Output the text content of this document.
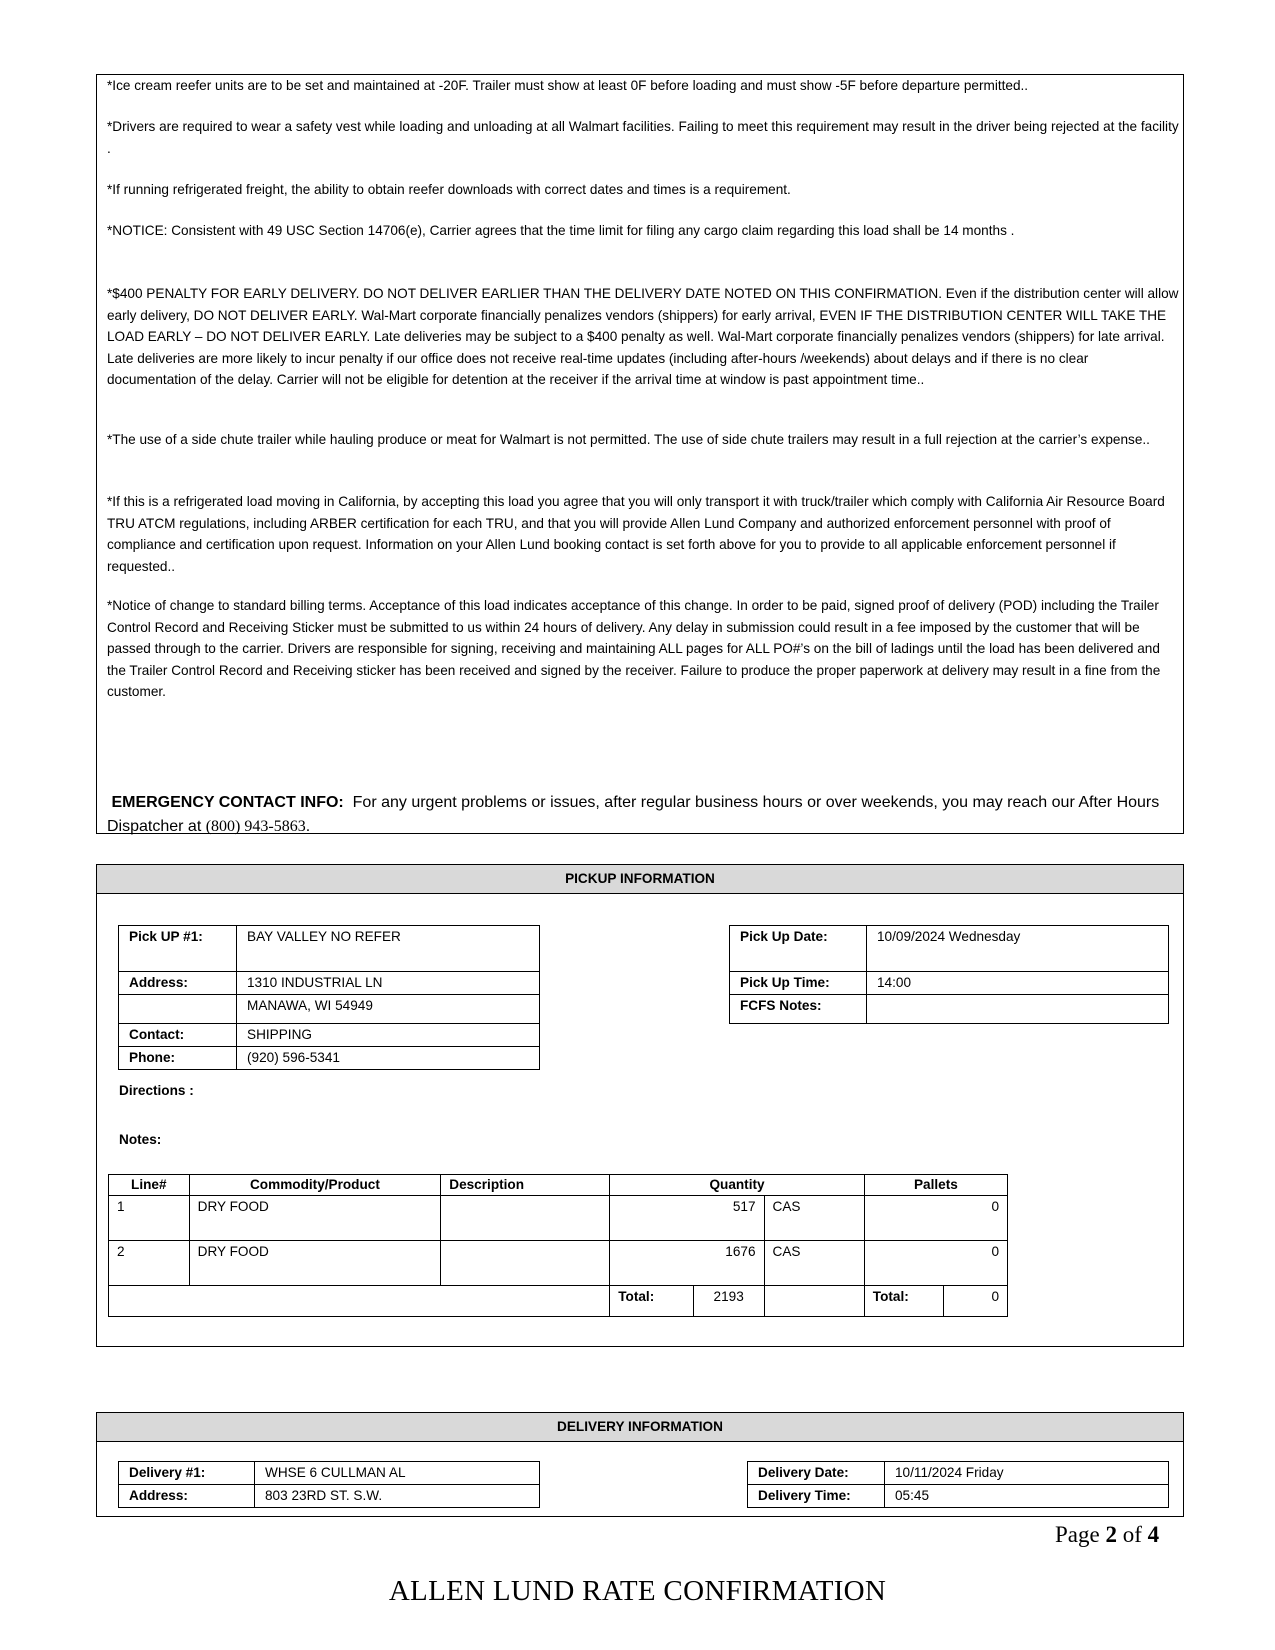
*Ice cream reefer units are to be set and maintained at -20F. Trailer must show at least 0F before loading and must show -5F before departure permitted..

*Drivers are required to wear a safety vest while loading and unloading at all Walmart facilities. Failing to meet this requirement may result in the driver being rejected at the facility .

*If running refrigerated freight, the ability to obtain reefer downloads with correct dates and times is a requirement.

*NOTICE: Consistent with 49 USC Section 14706(e), Carrier agrees that the time limit for filing any cargo claim regarding this load shall be 14 months .

*$400 PENALTY FOR EARLY DELIVERY. DO NOT DELIVER EARLIER THAN THE DELIVERY DATE NOTED ON THIS CONFIRMATION. Even if the distribution center will allow early delivery, DO NOT DELIVER EARLY. Wal-Mart corporate financially penalizes vendors (shippers) for early arrival, EVEN IF THE DISTRIBUTION CENTER WILL TAKE THE LOAD EARLY – DO NOT DELIVER EARLY. Late deliveries may be subject to a $400 penalty as well. Wal-Mart corporate financially penalizes vendors (shippers) for late arrival. Late deliveries are more likely to incur penalty if our office does not receive real-time updates (including after-hours /weekends) about delays and if there is no clear documentation of the delay. Carrier will not be eligible for detention at the receiver if the arrival time at window is past appointment time..

*The use of a side chute trailer while hauling produce or meat for Walmart is not permitted. The use of side chute trailers may result in a full rejection at the carrier’s expense..

*If this is a refrigerated load moving in California, by accepting this load you agree that you will only transport it with truck/trailer which comply with California Air Resource Board TRU ATCM regulations, including ARBER certification for each TRU, and that you will provide Allen Lund Company and authorized enforcement personnel with proof of compliance and certification upon request. Information on your Allen Lund booking contact is set forth above for you to provide to all applicable enforcement personnel if requested..

*Notice of change to standard billing terms. Acceptance of this load indicates acceptance of this change. In order to be paid, signed proof of delivery (POD) including the Trailer Control Record and Receiving Sticker must be submitted to us within 24 hours of delivery. Any delay in submission could result in a fee imposed by the customer that will be passed through to the carrier. Drivers are responsible for signing, receiving and maintaining ALL pages for ALL PO#’s on the bill of ladings until the load has been delivered and the Trailer Control Record and Receiving sticker has been received and signed by the receiver. Failure to produce the proper paperwork at delivery may result in a fine from the customer.

EMERGENCY CONTACT INFO: For any urgent problems or issues, after regular business hours or over weekends, you may reach our After Hours Dispatcher at (800) 943-5863.

PICKUP INFORMATION
Pick UP #1:	BAY VALLEY NO REFER
Address:	1310 INDUSTRIAL LN
	MANAWA, WI 54949
Contact:	SHIPPING
Phone:	(920) 596-5341
Pick Up Date:	10/09/2024 Wednesday
Pick Up Time:	14:00
FCFS Notes:	
Directions :
Notes:
Line#	Commodity/Product	Description	Quantity			Pallets	
1	DRY FOOD		517		CAS	0	
2	DRY FOOD		1676		CAS	0	
			Total:	2193		Total:	0
DELIVERY INFORMATION
Delivery #1:	WHSE 6 CULLMAN AL
Address:	803 23RD ST. S.W.
Delivery Date:	10/11/2024 Friday
Delivery Time:	05:45
Page 2 of 4
ALLEN LUND RATE CONFIRMATION
